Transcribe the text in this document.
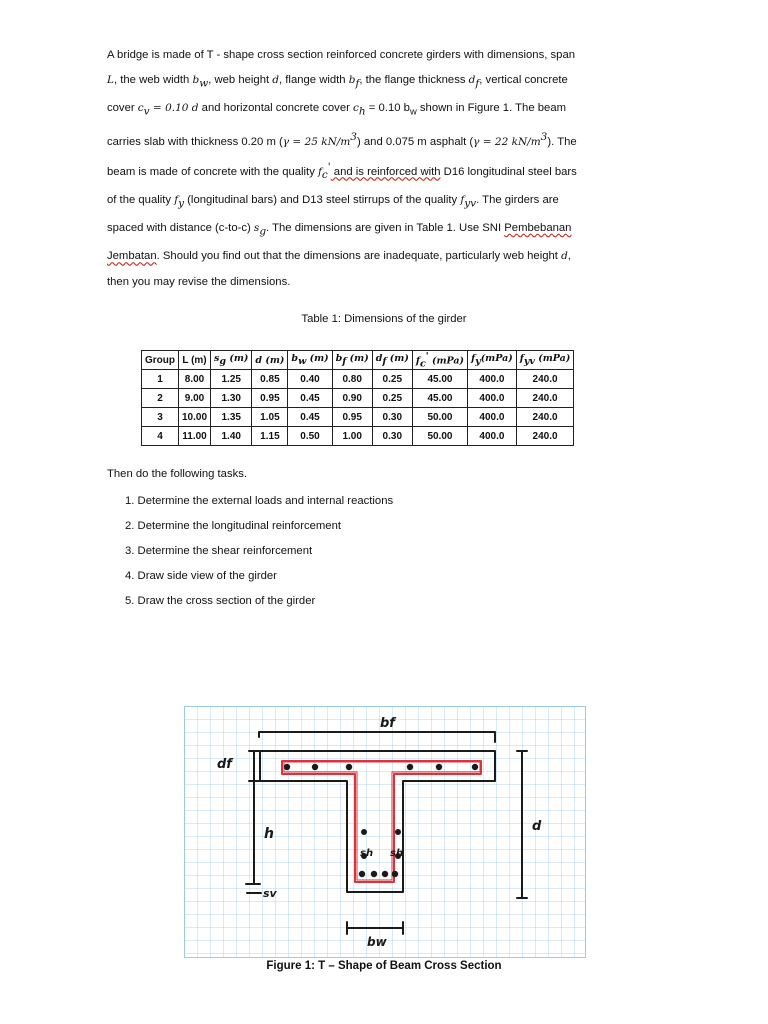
A bridge is made of T - shape cross section reinforced concrete girders with dimensions, span

L, the web width $b_w$, web height d, flange width $b_f$, the flange thickness $d_f$, vertical concrete

cover $c_v = 0.10$ d and horizontal concrete cover $c_h = 0.10$ $b_w$ shown in Figure 1. The beam

carries slab with thickness 0.20 m (γ = 25 $kN/m^3$) and 0.075 m asphalt (γ = 22 $kN/m^3$). The

beam is made of concrete with the quality $f_c'$ and is reinforced with D16 longitudinal steel bars

of the quality $f_y$ (longitudinal bars) and D13 steel stirrups of the quality $f_{yv}$. The girders are

spaced with distance (c-to-c) $s_g$. The dimensions are given in Table 1. Use SNI Pembebanan

Jembatan. Should you find out that the dimensions are inadequate, particularly web height d,

then you may revise the dimensions.

Table 1: Dimensions of the girder
Group	L (m)	$s_g$ (m)	d (m)	$b_w$ (m)	$b_f$ (m)	$d_f$ (m)	$f_c'$ (mPa)	$f_y(mPa)$	$f_{yv}$ (mPa)
1	8.00	1.25	0.85	0.40	0.80	0.25	45.00	400.0	240.0
2	9.00	1.30	0.95	0.45	0.90	0.25	45.00	400.0	240.0
3	10.00	1.35	1.05	0.45	0.95	0.30	50.00	400.0	240.0
4	11.00	1.40	1.15	0.50	1.00	0.30	50.00	400.0	240.0
Then do the following tasks.
1. Determine the external loads and internal reactions
2. Determine the longitudinal reinforcement
3. Determine the shear reinforcement
4. Draw side view of the girder
5. Draw the cross section of the girder
bf
df
h
sh sh
sv
d
bw
Figure 1: T – Shape of Beam Cross Section
